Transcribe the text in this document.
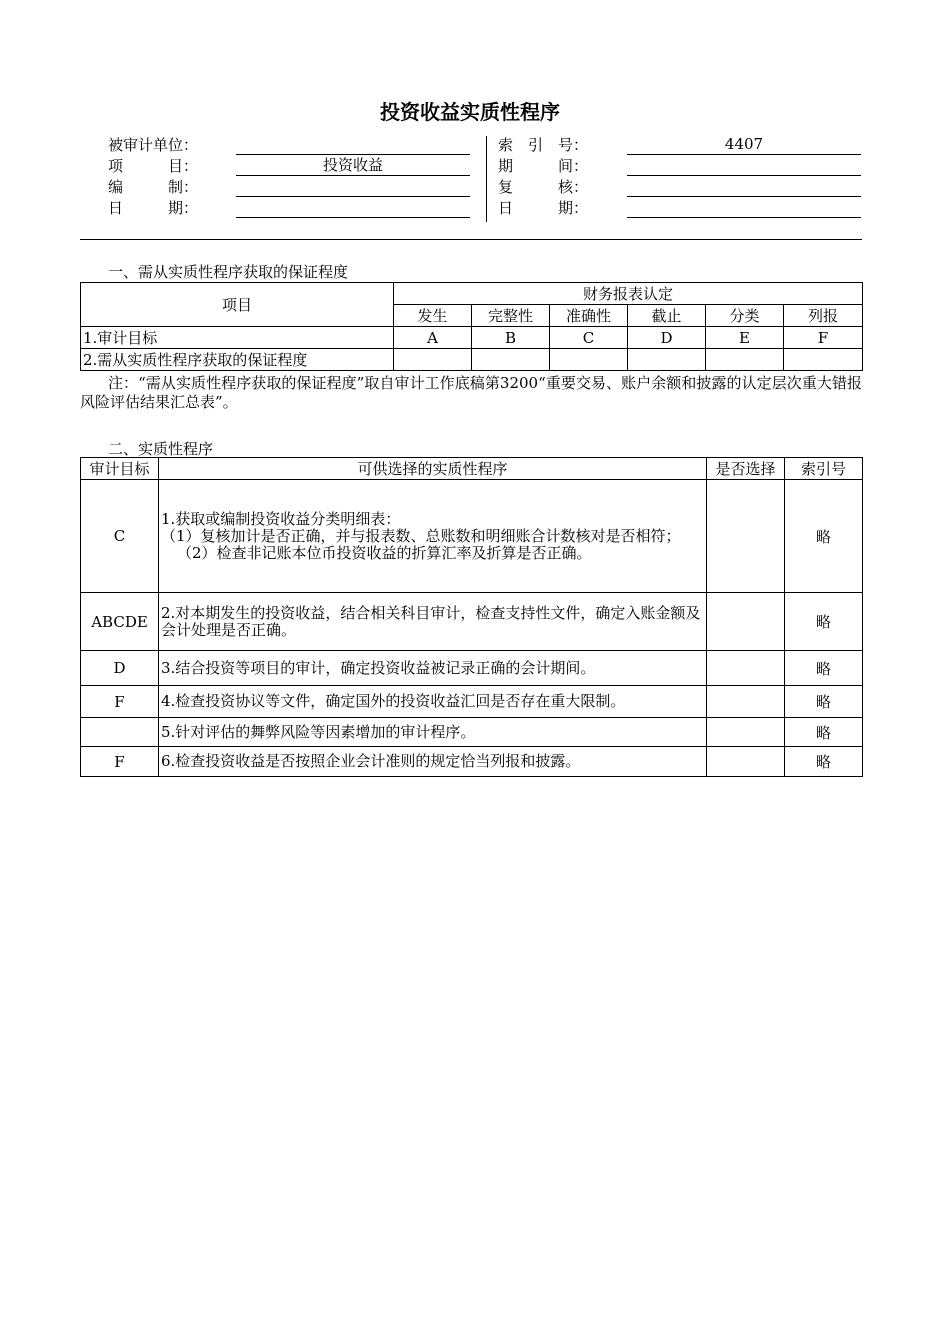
投资收益实质性程序
被审计单位：
项　　　目：	投资收益
编　　　制：
日　　　期：
索　引　号：	4407
期　　　间：
复　　　核：
日　　　期：
一、需从实质性程序获取的保证程度
项目	财务报表认定					
	发生	完整性	准确性	截止	分类	列报
1.审计目标	A	B	C	D	E	F
2.需从实质性程序获取的保证程度						
注：“需从实质性程序获取的保证程度”取自审计工作底稿第3200“重要交易、账户余额和披露的认定层次重大错报风险评估结果汇总表”。
二、实质性程序
审计目标	可供选择的实质性程序	是否选择	索引号
C	1.获取或编制投资收益分类明细表：
（1）复核加计是否正确，并与报表数、总账数和明细账合计数核对是否相符；
（2）检查非记账本位币投资收益的折算汇率及折算是否正确。		略
ABCDE	2.对本期发生的投资收益，结合相关科目审计，检查支持性文件，确定入账金额及会计处理是否正确。		略
D	3.结合投资等项目的审计，确定投资收益被记录正确的会计期间。		略
F	4.检查投资协议等文件，确定国外的投资收益汇回是否存在重大限制。		略

	5.针对评估的舞弊风险等因素增加的审计程序。		略
F	6.检查投资收益是否按照企业会计准则的规定恰当列报和披露。		略
